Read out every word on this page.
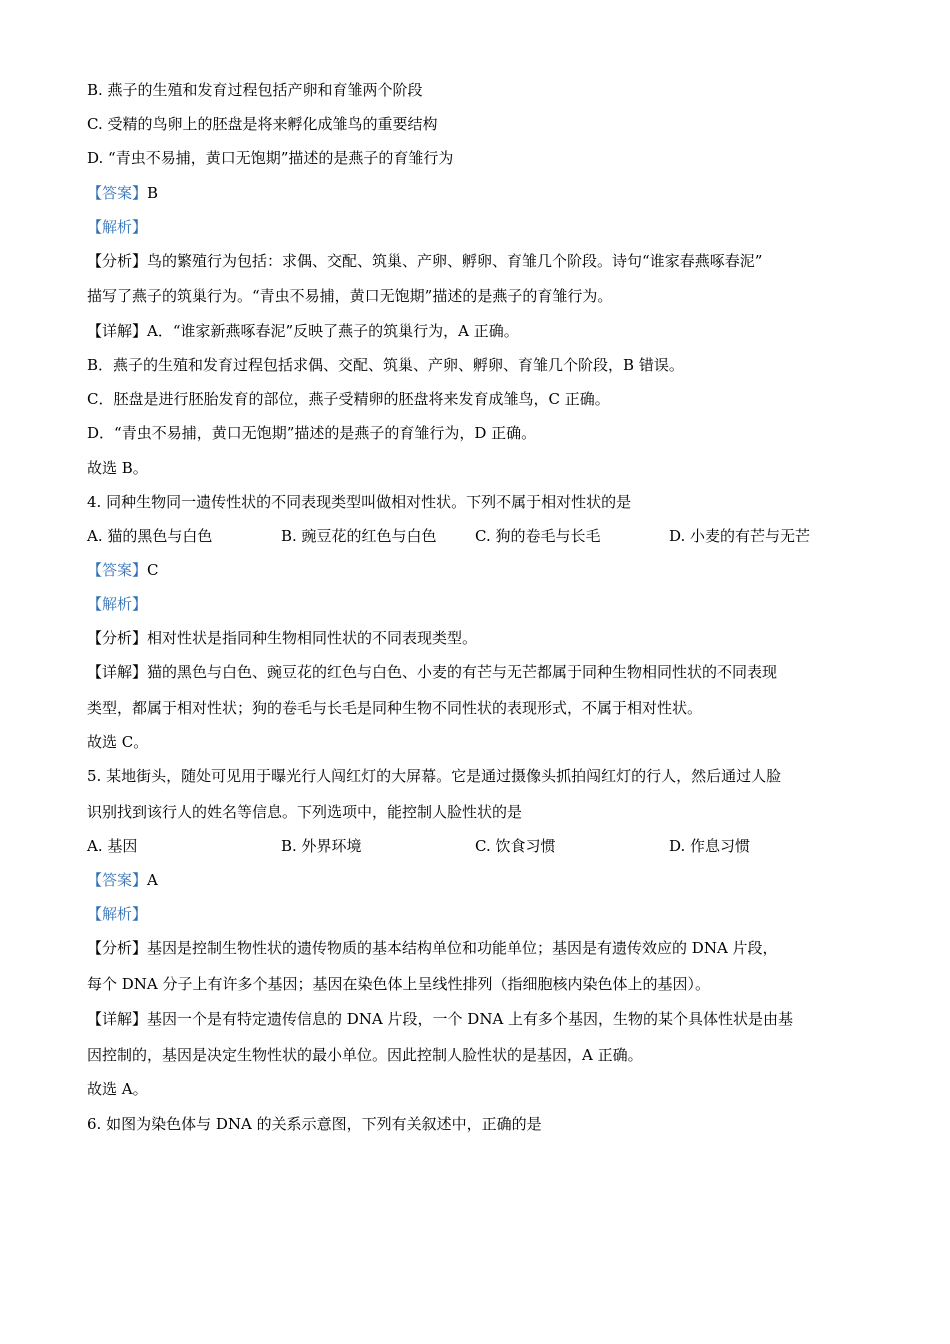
B. 燕子的生殖和发育过程包括产卵和育雏两个阶段
C. 受精的鸟卵上的胚盘是将来孵化成雏鸟的重要结构
D. “青虫不易捕，黄口无饱期”描述的是燕子的育雏行为
【答案】B
【解析】
【分析】鸟的繁殖行为包括：求偶、交配、筑巢、产卵、孵卵、育雏几个阶段。诗句“谁家春燕啄春泥”
描写了燕子的筑巢行为。“青虫不易捕，黄口无饱期”描述的是燕子的育雏行为。
【详解】A．“谁家新燕啄春泥”反映了燕子的筑巢行为，A 正确。
B．燕子的生殖和发育过程包括求偶、交配、筑巢、产卵、孵卵、育雏几个阶段，B 错误。
C．胚盘是进行胚胎发育的部位，燕子受精卵的胚盘将来发育成雏鸟，C 正确。
D．“青虫不易捕，黄口无饱期”描述的是燕子的育雏行为，D 正确。
故选 B。
4. 同种生物同一遗传性状的不同表现类型叫做相对性状。下列不属于相对性状的是
A. 猫的黑色与白色	B. 豌豆花的红色与白色	C. 狗的卷毛与长毛	D. 小麦的有芒与无芒
【答案】C
【解析】
【分析】相对性状是指同种生物相同性状的不同表现类型。
【详解】猫的黑色与白色、豌豆花的红色与白色、小麦的有芒与无芒都属于同种生物相同性状的不同表现
类型，都属于相对性状；狗的卷毛与长毛是同种生物不同性状的表现形式，不属于相对性状。
故选 C。
5. 某地街头，随处可见用于曝光行人闯红灯的大屏幕。它是通过摄像头抓拍闯红灯的行人，然后通过人脸
识别找到该行人的姓名等信息。下列选项中，能控制人脸性状的是
A. 基因	B. 外界环境	C. 饮食习惯	D. 作息习惯
【答案】A
【解析】
【分析】基因是控制生物性状的遗传物质的基本结构单位和功能单位；基因是有遗传效应的 DNA 片段，
每个 DNA 分子上有许多个基因；基因在染色体上呈线性排列（指细胞核内染色体上的基因）。
【详解】基因一个是有特定遗传信息的 DNA 片段，一个 DNA 上有多个基因，生物的某个具体性状是由基
因控制的，基因是决定生物性状的最小单位。因此控制人脸性状的是基因，A 正确。
故选 A。
6. 如图为染色体与 DNA 的关系示意图，下列有关叙述中，正确的是
